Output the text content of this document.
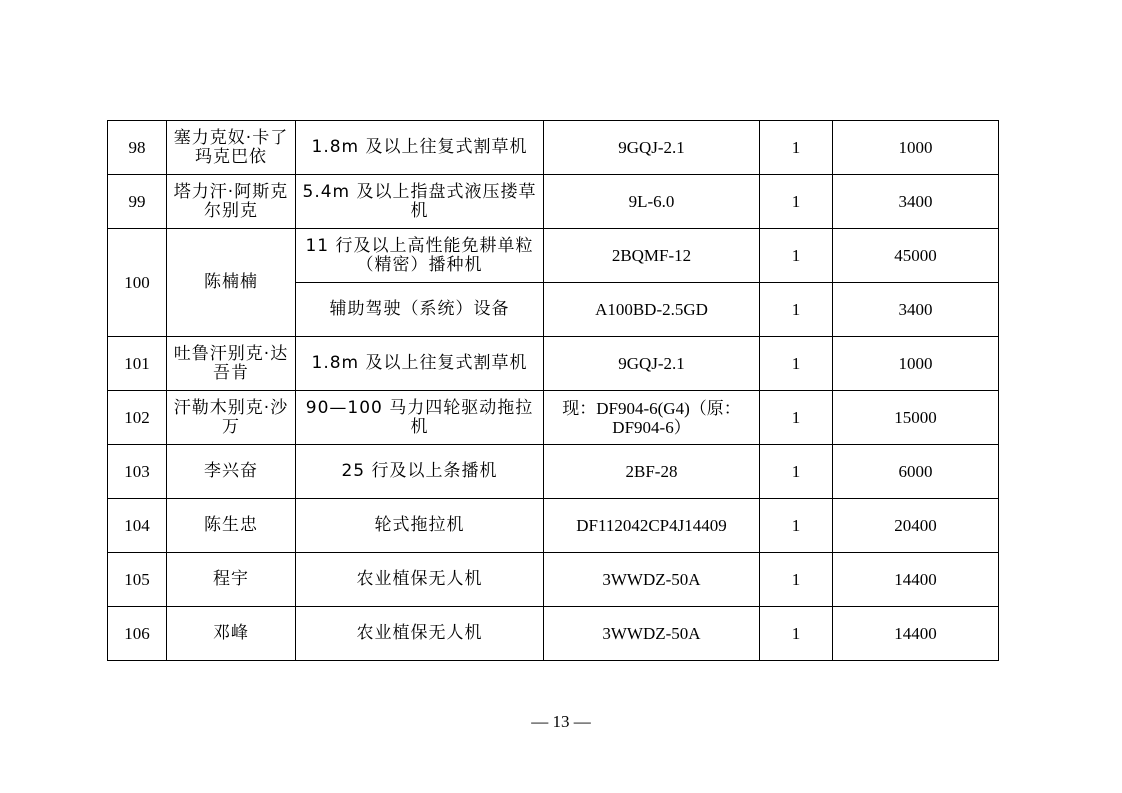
98	塞力克奴·卡了玛克巴依	1.8m 及以上往复式割草机	9GQJ-2.1	1	1000
99	塔力汗·阿斯克尔别克	5.4m 及以上指盘式液压搂草机	9L-6.0	1	3400
100	陈楠楠	11 行及以上高性能免耕单粒（精密）播种机	2BQMF-12	1	45000
		辅助驾驶（系统）设备	A100BD-2.5GD	1	3400
101	吐鲁汗别克·达吾肯	1.8m 及以上往复式割草机	9GQJ-2.1	1	1000
102	汗勒木别克·沙万	90—100 马力四轮驱动拖拉机	现：DF904-6(G4)（原：DF904-6）	1	15000
103	李兴奋	25 行及以上条播机	2BF-28	1	6000
104	陈生忠	轮式拖拉机	DF112042CP4J14409	1	20400
105	程宇	农业植保无人机	3WWDZ-50A	1	14400
106	邓峰	农业植保无人机	3WWDZ-50A	1	14400
— 13 —
